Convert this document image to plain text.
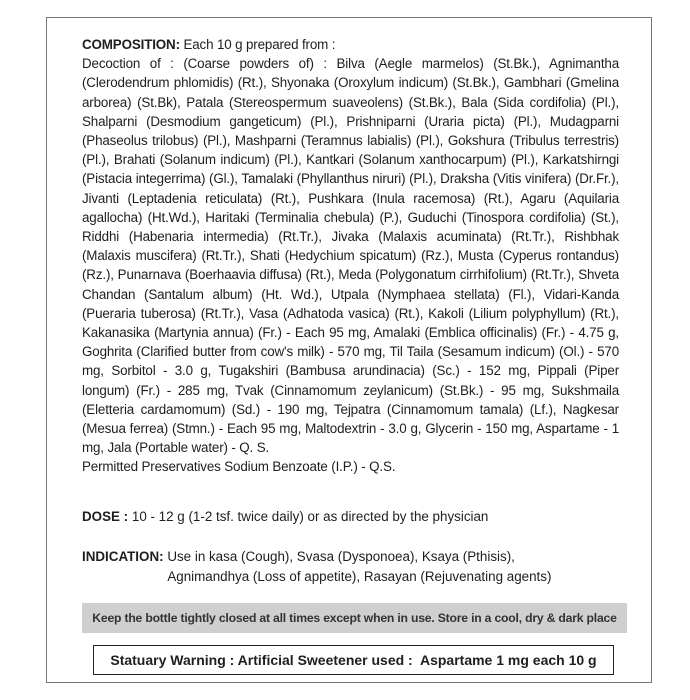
COMPOSITION: Each 10 g prepared from :

Decoction of : (Coarse powders of) : Bilva (Aegle marmelos) (St.Bk.), Agnimantha (Clerodendrum phlomidis) (Rt.), Shyonaka (Oroxylum indicum) (St.Bk.), Gambhari (Gmelina arborea) (St.Bk), Patala (Stereospermum suaveolens) (St.Bk.), Bala (Sida cordifolia) (Pl.), Shalparni (Desmodium gangeticum) (Pl.), Prishniparni (Uraria picta) (Pl.), Mudagparni (Phaseolus trilobus) (Pl.), Mashparni (Teramnus labialis) (Pl.), Gokshura (Tribulus terrestris) (Pl.), Brahati (Solanum indicum) (Pl.), Kantkari (Solanum xanthocarpum) (Pl.), Karkatshirngi (Pistacia integerrima) (Gl.), Tamalaki (Phyllanthus niruri) (Pl.), Draksha (Vitis vinifera) (Dr.Fr.), Jivanti (Leptadenia reticulata) (Rt.), Pushkara (Inula racemosa) (Rt.), Agaru (Aquilaria agallocha) (Ht.Wd.), Haritaki (Terminalia chebula) (P.), Guduchi (Tinospora cordifolia) (St.), Riddhi (Habenaria intermedia) (Rt.Tr.), Jivaka (Malaxis acuminata) (Rt.Tr.), Rishbhak (Malaxis muscifera) (Rt.Tr.), Shati (Hedychium spicatum) (Rz.), Musta (Cyperus rontandus) (Rz.), Punarnava (Boerhaavia diffusa) (Rt.), Meda (Polygonatum cirrhifolium) (Rt.Tr.), Shveta Chandan (Santalum album) (Ht. Wd.), Utpala (Nymphaea stellata) (Fl.), Vidari-Kanda (Pueraria tuberosa) (Rt.Tr.), Vasa (Adhatoda vasica) (Rt.), Kakoli (Lilium polyphyllum) (Rt.), Kakanasika (Martynia annua) (Fr.) - Each 95 mg, Amalaki (Emblica officinalis) (Fr.) - 4.75 g, Goghrita (Clarified butter from cow's milk) - 570 mg, Til Taila (Sesamum indicum) (Ol.) - 570 mg, Sorbitol - 3.0 g, Tugakshiri (Bambusa arundinacia) (Sc.) - 152 mg, Pippali (Piper longum) (Fr.) - 285 mg, Tvak (Cinnamomum zeylanicum) (St.Bk.) - 95 mg, Sukshmaila (Eletteria cardamomum) (Sd.) - 190 mg, Tejpatra (Cinnamomum tamala) (Lf.), Nagkesar (Mesua ferrea) (Stmn.) - Each 95 mg, Maltodextrin - 3.0 g, Glycerin - 150 mg, Aspartame - 1 mg, Jala (Portable water) - Q. S.

Permitted Preservatives Sodium Benzoate (I.P.) - Q.S.

DOSE : 10 - 12 g (1-2 tsf. twice daily) or as directed by the physician
INDICATION: Use in kasa (Cough), Svasa (Dysponoea), Ksaya (Pthisis),
Agnimandhya (Loss of appetite), Rasayan (Rejuvenating agents)
Keep the bottle tightly closed at all times except when in use. Store in a cool, dry & dark place
Statuary Warning : Artificial Sweetener used :  Aspartame 1 mg each 10 g
